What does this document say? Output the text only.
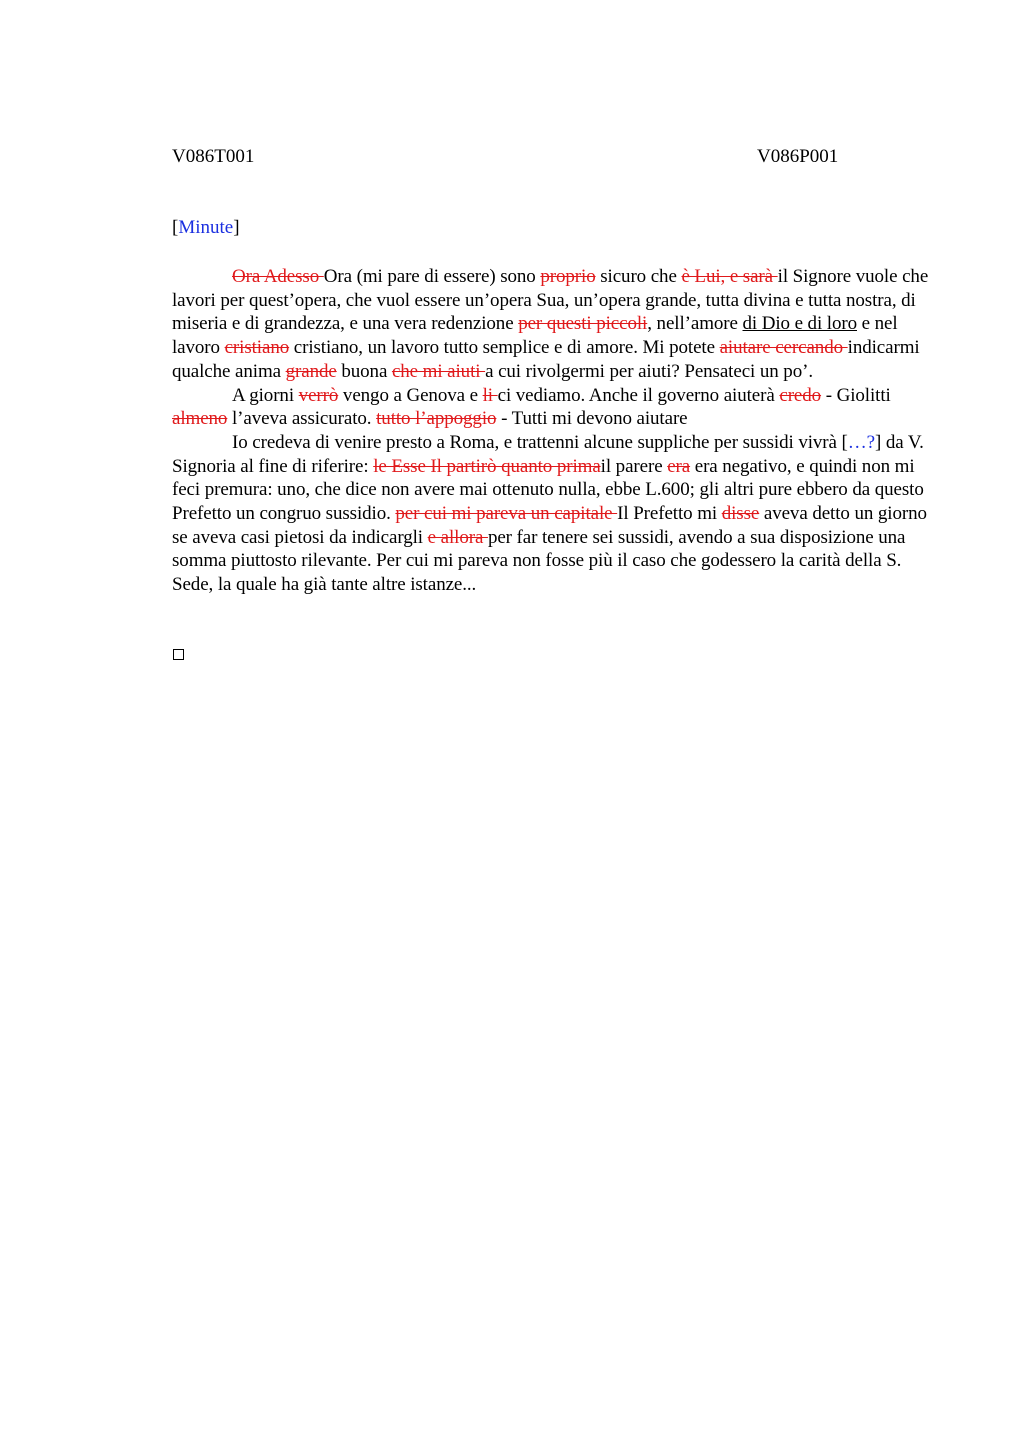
V086T001	V086P001
[Minute]

Ora Adesso Ora (mi pare di essere) sono proprio sicuro che è Lui, e sarà il Signore vuole che lavori per quest’opera, che vuol essere un’opera Sua, un’opera grande, tutta divina e tutta nostra, di miseria e di grandezza, e una vera redenzione per questi piccoli, nell’amore di Dio e di loro e nel lavoro cristiano cristiano, un lavoro tutto semplice e di amore. Mi potete aiutare cercando indicarmi qualche anima grande buona che mi aiuti a cui rivolgermi per aiuti? Pensateci un po’.

A giorni verrò vengo a Genova e li ci vediamo. Anche il governo aiuterà credo - Giolitti almeno l’aveva assicurato. tutto l’appoggio - Tutti mi devono aiutare

Io credeva di venire presto a Roma, e trattenni alcune suppliche per sussidi vivrà […?] da V. Signoria al fine di riferire: le Esse Il partirò quanto primail parere era era negativo, e quindi non mi feci premura: uno, che dice non avere mai ottenuto nulla, ebbe L.600; gli altri pure ebbero da questo Prefetto un congruo sussidio. per cui mi pareva un capitale Il Prefetto mi disse aveva detto un giorno se aveva casi pietosi da indicargli e allora per far tenere sei sussidi, avendo a sua disposizione una somma piuttosto rilevante. Per cui mi pareva non fosse più il caso che godessero la carità della S. Sede, la quale ha già tante altre istanze...
